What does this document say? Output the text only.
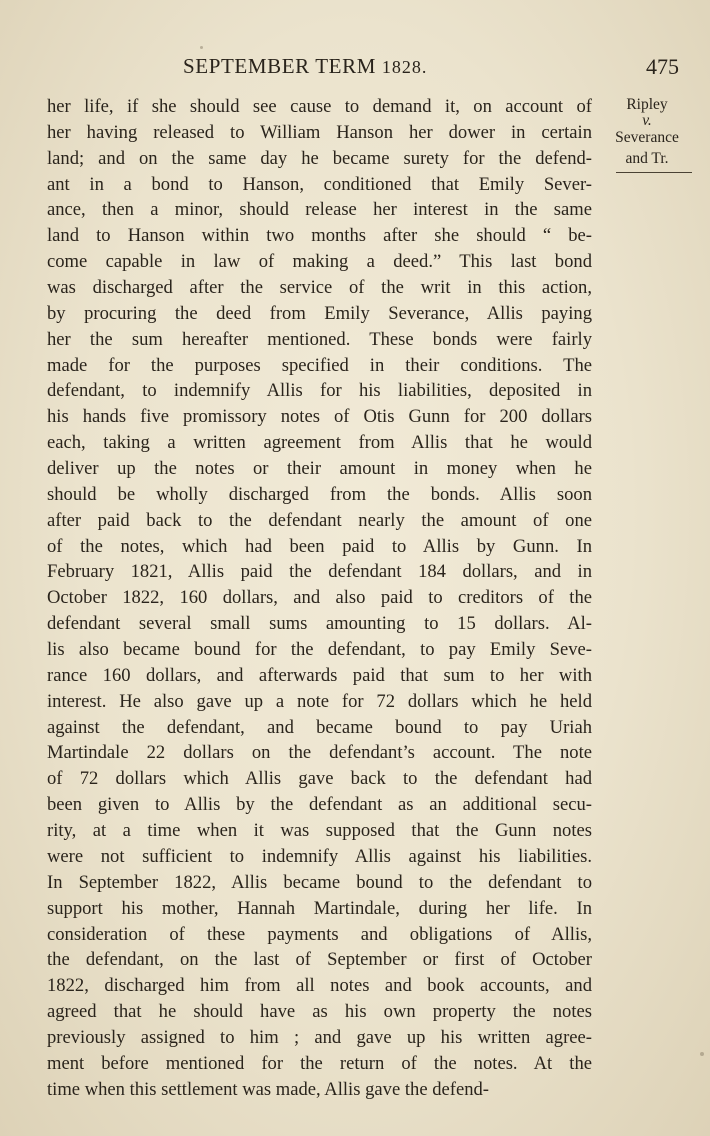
SEPTEMBER TERM 1828.	475
Ripley
v.
Severance
and Tr.
her life, if she should see cause to demand it, on account of
her having released to William Hanson her dower in certain
land; and on the same day he became surety for the defend-
ant in a bond to Hanson, conditioned that Emily Sever-
ance, then a minor, should release her interest in the same
land to Hanson within two months after she should “ be-
come capable in law of making a deed.” This last bond
was discharged after the service of the writ in this action,
by procuring the deed from Emily Severance, Allis paying
her the sum hereafter mentioned. These bonds were fairly
made for the purposes specified in their conditions. The
defendant, to indemnify Allis for his liabilities, deposited in
his hands five promissory notes of Otis Gunn for 200 dollars
each, taking a written agreement from Allis that he would
deliver up the notes or their amount in money when he
should be wholly discharged from the bonds. Allis soon
after paid back to the defendant nearly the amount of one
of the notes, which had been paid to Allis by Gunn. In
February 1821, Allis paid the defendant 184 dollars, and in
October 1822, 160 dollars, and also paid to creditors of the
defendant several small sums amounting to 15 dollars. Al-
lis also became bound for the defendant, to pay Emily Seve-
rance 160 dollars, and afterwards paid that sum to her with
interest. He also gave up a note for 72 dollars which he held
against the defendant, and became bound to pay Uriah
Martindale 22 dollars on the defendant’s account. The note
of 72 dollars which Allis gave back to the defendant had
been given to Allis by the defendant as an additional secu-
rity, at a time when it was supposed that the Gunn notes
were not sufficient to indemnify Allis against his liabilities.
In September 1822, Allis became bound to the defendant to
support his mother, Hannah Martindale, during her life. In
consideration of these payments and obligations of Allis,
the defendant, on the last of September or first of October
1822, discharged him from all notes and book accounts, and
agreed that he should have as his own property the notes
previously assigned to him ; and gave up his written agree-
ment before mentioned for the return of the notes. At the
time when this settlement was made, Allis gave the defend-
